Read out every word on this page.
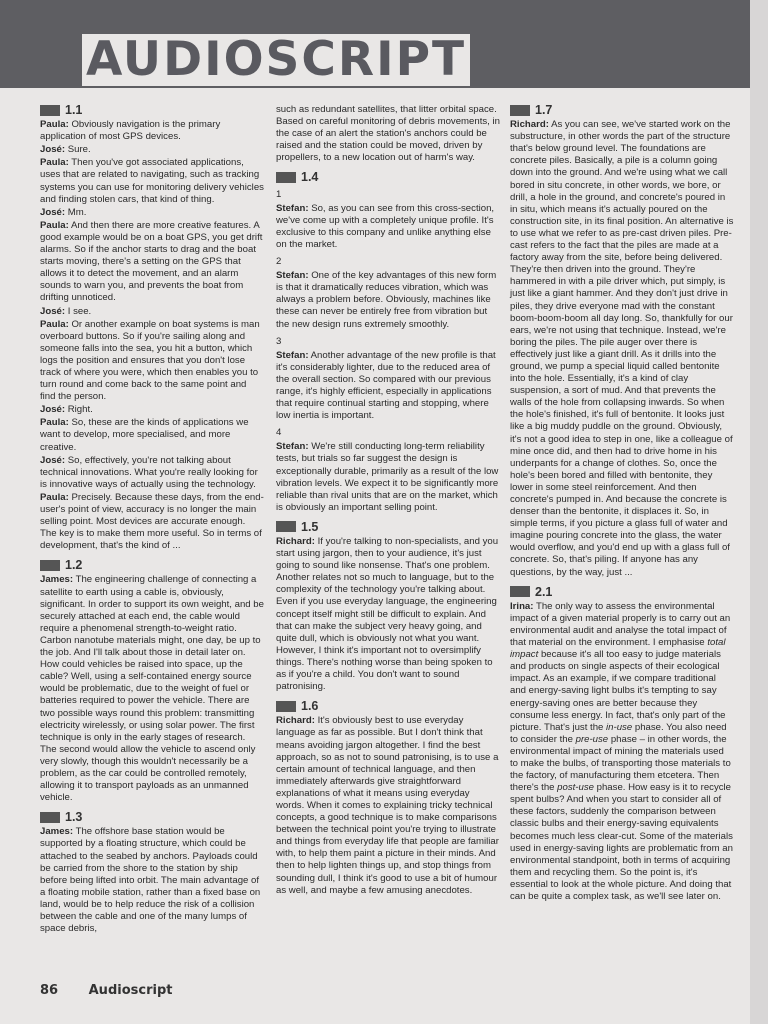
AUDIOSCRIPT
1.1
Paula: Obviously navigation is the primary application of most GPS devices.
José: Sure.
Paula: Then you've got associated applications, uses that are related to navigating, such as tracking systems you can use for monitoring delivery vehicles and finding stolen cars, that kind of thing.
José: Mm.
Paula: And then there are more creative features. A good example would be on a boat GPS, you get drift alarms. So if the anchor starts to drag and the boat starts moving, there's a setting on the GPS that allows it to detect the movement, and an alarm sounds to warn you, and prevents the boat from drifting unnoticed.
José: I see.
Paula: Or another example on boat systems is man overboard buttons. So if you're sailing along and someone falls into the sea, you hit a button, which logs the position and ensures that you don't lose track of where you were, which then enables you to turn round and come back to the same point and find the person.
José: Right.
Paula: So, these are the kinds of applications we want to develop, more specialised, and more creative.
José: So, effectively, you're not talking about technical innovations. What you're really looking for is innovative ways of actually using the technology.
Paula: Precisely. Because these days, from the end-user's point of view, accuracy is no longer the main selling point. Most devices are accurate enough. The key is to make them more useful. So in terms of development, that's the kind of ...
1.2
James: The engineering challenge of connecting a satellite to earth using a cable is, obviously, significant. In order to support its own weight, and be securely attached at each end, the cable would require a phenomenal strength-to-weight ratio. Carbon nanotube materials might, one day, be up to the job. And I'll talk about those in detail later on. How could vehicles be raised into space, up the cable? Well, using a self-contained energy source would be problematic, due to the weight of fuel or batteries required to power the vehicle. There are two possible ways round this problem: transmitting electricity wirelessly, or using solar power. The first technique is only in the early stages of research. The second would allow the vehicle to ascend only very slowly, though this wouldn't necessarily be a problem, as the car could be controlled remotely, allowing it to transport payloads as an unmanned vehicle.
1.3
James: The offshore base station would be supported by a floating structure, which could be attached to the seabed by anchors. Payloads could be carried from the shore to the station by ship before being lifted into orbit. The main advantage of a floating mobile station, rather than a fixed base on land, would be to help reduce the risk of a collision between the cable and one of the many lumps of space debris,
such as redundant satellites, that litter orbital space. Based on careful monitoring of debris movements, in the case of an alert the station's anchors could be raised and the station could be moved, driven by propellers, to a new location out of harm's way.
1.4
1
Stefan: So, as you can see from this cross-section, we've come up with a completely unique profile. It's exclusive to this company and unlike anything else on the market.
2
Stefan: One of the key advantages of this new form is that it dramatically reduces vibration, which was always a problem before. Obviously, machines like these can never be entirely free from vibration but the new design runs extremely smoothly.
3
Stefan: Another advantage of the new profile is that it's considerably lighter, due to the reduced area of the overall section. So compared with our previous range, it's highly efficient, especially in applications that require continual starting and stopping, where low inertia is important.
4
Stefan: We're still conducting long-term reliability tests, but trials so far suggest the design is exceptionally durable, primarily as a result of the low vibration levels. We expect it to be significantly more reliable than rival units that are on the market, which is obviously an important selling point.
1.5
Richard: If you're talking to non-specialists, and you start using jargon, then to your audience, it's just going to sound like nonsense. That's one problem. Another relates not so much to language, but to the complexity of the technology you're talking about. Even if you use everyday language, the engineering concept itself might still be difficult to explain. And that can make the subject very heavy going, and quite dull, which is obviously not what you want. However, I think it's important not to oversimplify things. There's nothing worse than being spoken to as if you're a child. You don't want to sound patronising.
1.6
Richard: It's obviously best to use everyday language as far as possible. But I don't think that means avoiding jargon altogether. I find the best approach, so as not to sound patronising, is to use a certain amount of technical language, and then immediately afterwards give straightforward explanations of what it means using everyday words. When it comes to explaining tricky technical concepts, a good technique is to make comparisons between the technical point you're trying to illustrate and things from everyday life that people are familiar with, to help them paint a picture in their minds. And then to help lighten things up, and stop things from sounding dull, I think it's good to use a bit of humour as well, and maybe a few amusing anecdotes.
1.7
Richard: As you can see, we've started work on the substructure, in other words the part of the structure that's below ground level. The foundations are concrete piles. Basically, a pile is a column going down into the ground. And we're using what we call bored in situ concrete, in other words, we bore, or drill, a hole in the ground, and concrete's poured in in situ, which means it's actually poured on the construction site, in its final position. An alternative is to use what we refer to as pre-cast driven piles. Pre-cast refers to the fact that the piles are made at a factory away from the site, before being delivered. They're then driven into the ground. They're hammered in with a pile driver which, put simply, is just like a giant hammer. And they don't just drive in piles, they drive everyone mad with the constant boom-boom-boom all day long. So, thankfully for our ears, we're not using that technique. Instead, we're boring the piles. The pile auger over there is effectively just like a giant drill. As it drills into the ground, we pump a special liquid called bentonite into the hole. Essentially, it's a kind of clay suspension, a sort of mud. And that prevents the walls of the hole from collapsing inwards. So when the hole's finished, it's full of bentonite. It looks just like a big muddy puddle on the ground. Obviously, it's not a good idea to step in one, like a colleague of mine once did, and then had to drive home in his underpants for a change of clothes. So, once the hole's been bored and filled with bentonite, they lower in some steel reinforcement. And then concrete's pumped in. And because the concrete is denser than the bentonite, it displaces it. So, in simple terms, if you picture a glass full of water and imagine pouring concrete into the glass, the water would overflow, and you'd end up with a glass full of concrete. So, that's piling. If anyone has any questions, by the way, just ...
2.1
Irina: The only way to assess the environmental impact of a given material properly is to carry out an environmental audit and analyse the total impact of that material on the environment. I emphasise total impact because it's all too easy to judge materials and products on single aspects of their ecological impact. As an example, if we compare traditional and energy-saving light bulbs it's tempting to say energy-saving ones are better because they consume less energy. In fact, that's only part of the picture. That's just the in-use phase. You also need to consider the pre-use phase – in other words, the environmental impact of mining the materials used to make the bulbs, of transporting those materials to the factory, of manufacturing them etcetera. Then there's the post-use phase. How easy is it to recycle spent bulbs? And when you start to consider all of these factors, suddenly the comparison between classic bulbs and their energy-saving equivalents becomes much less clear-cut. Some of the materials used in energy-saving lights are problematic from an environmental standpoint, both in terms of acquiring them and recycling them. So the point is, it's essential to look at the whole picture. And doing that can be quite a complex task, as we'll see later on.
86 Audioscript
